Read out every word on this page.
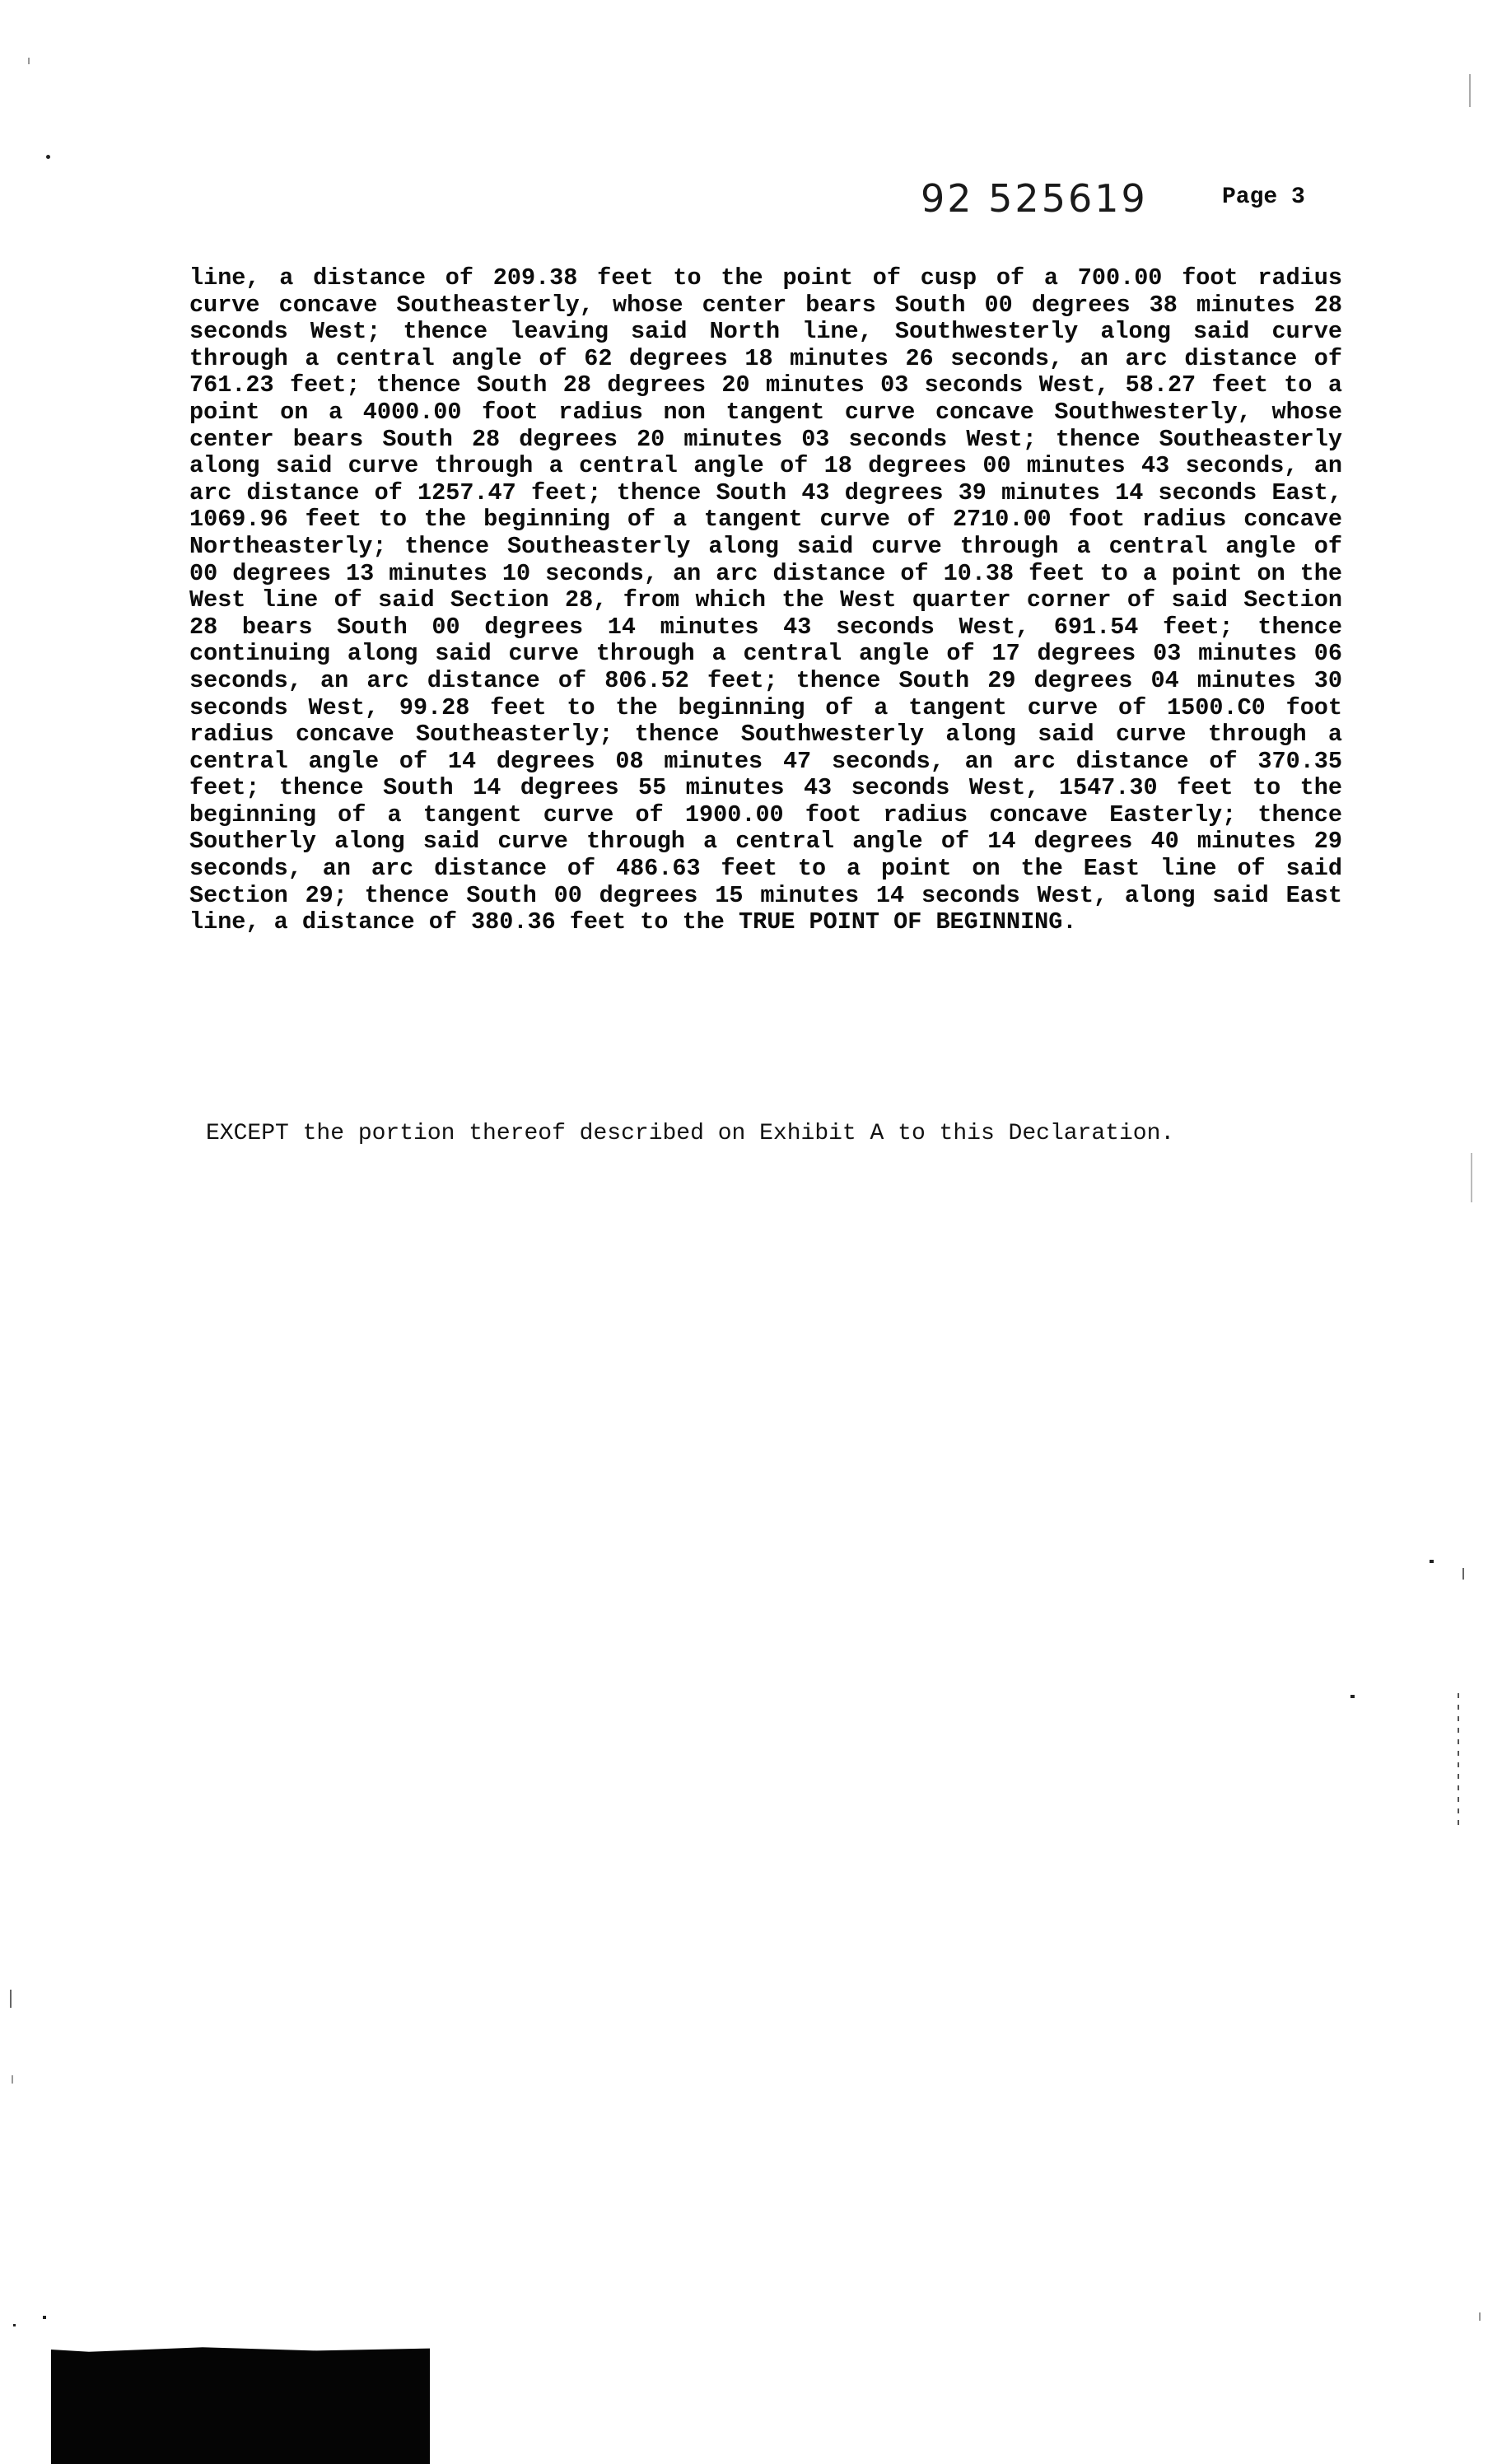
92 525619	Page 3

line, a distance of 209.38 feet to the point of cusp of a 700.00 foot radius curve concave Southeasterly, whose center bears South 00 degrees 38 minutes 28 seconds West; thence leaving said North line, Southwesterly along said curve through a central angle of 62 degrees 18 minutes 26 seconds, an arc distance of 761.23 feet; thence South 28 degrees 20 minutes 03 seconds West, 58.27 feet to a point on a 4000.00 foot radius non tangent curve concave Southwesterly, whose center bears South 28 degrees 20 minutes 03 seconds West; thence Southeasterly along said curve through a central angle of 18 degrees 00 minutes 43 seconds, an arc distance of 1257.47 feet; thence South 43 degrees 39 minutes 14 seconds East, 1069.96 feet to the beginning of a tangent curve of 2710.00 foot radius concave Northeasterly; thence Southeasterly along said curve through a central angle of 00 degrees 13 minutes 10 seconds, an arc distance of 10.38 feet to a point on the West line of said Section 28, from which the West quarter corner of said Section 28 bears South 00 degrees 14 minutes 43 seconds West, 691.54 feet; thence continuing along said curve through a central angle of 17 degrees 03 minutes 06 seconds, an arc distance of 806.52 feet; thence South 29 degrees 04 minutes 30 seconds West, 99.28 feet to the beginning of a tangent curve of 1500.C0 foot radius concave Southeasterly; thence Southwesterly along said curve through a central angle of 14 degrees 08 minutes 47 seconds, an arc distance of 370.35 feet; thence South 14 degrees 55 minutes 43 seconds West, 1547.30 feet to the beginning of a tangent curve of 1900.00 foot radius concave Easterly; thence Southerly along said curve through a central angle of 14 degrees 40 minutes 29 seconds, an arc distance of 486.63 feet to a point on the East line of said Section 29; thence South 00 degrees 15 minutes 14 seconds West, along said East line, a distance of 380.36 feet to the TRUE POINT OF BEGINNING.

EXCEPT the portion thereof described on Exhibit A to this Declaration.
